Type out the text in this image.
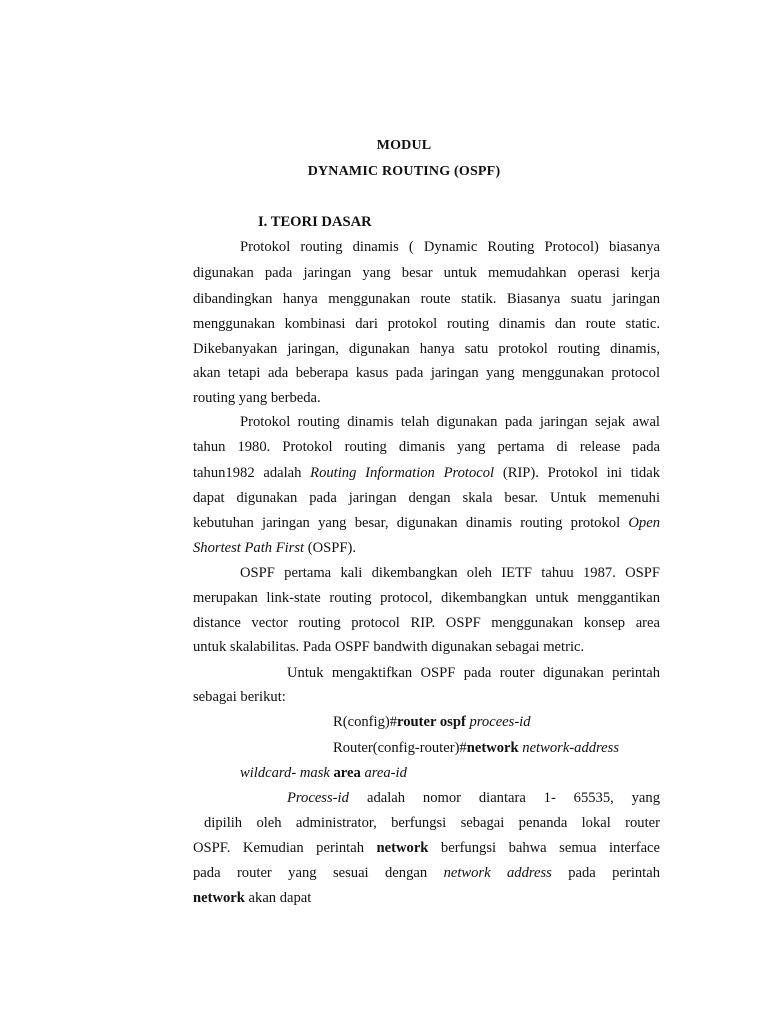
MODUL
DYNAMIC ROUTING (OSPF)
I. TEORI DASAR
Protokol routing dinamis ( Dynamic Routing Protocol) biasanya
digunakan pada jaringan yang besar untuk memudahkan operasi kerja
dibandingkan hanya menggunakan route statik. Biasanya suatu jaringan
menggunakan kombinasi dari protokol routing dinamis dan route static.
Dikebanyakan jaringan, digunakan hanya satu protokol routing dinamis,
akan tetapi ada beberapa kasus pada jaringan yang menggunakan protocol
routing yang berbeda.
Protokol routing dinamis telah digunakan pada jaringan sejak awal
tahun 1980. Protokol routing dimanis yang pertama di release pada
tahun1982 adalah Routing Information Protocol (RIP). Protokol ini tidak
dapat digunakan pada jaringan dengan skala besar. Untuk memenuhi
kebutuhan jaringan yang besar, digunakan dinamis routing protokol Open
Shortest Path First (OSPF).
OSPF pertama kali dikembangkan oleh IETF tahuu 1987. OSPF
merupakan link-state routing protocol, dikembangkan untuk menggantikan
distance vector routing protocol RIP. OSPF menggunakan konsep area
untuk skalabilitas. Pada OSPF bandwith digunakan sebagai metric.
Untuk mengaktifkan OSPF pada router digunakan perintah
sebagai berikut:
R(config)#router ospf procees-id
Router(config-router)#network network-address
wildcard- mask area area-id
Process-id adalah nomor diantara 1- 65535, yang
dipilih oleh administrator, berfungsi sebagai penanda lokal router
OSPF. Kemudian perintah network berfungsi bahwa semua interface
pada router yang sesuai dengan network address pada perintah
network akan dapat
